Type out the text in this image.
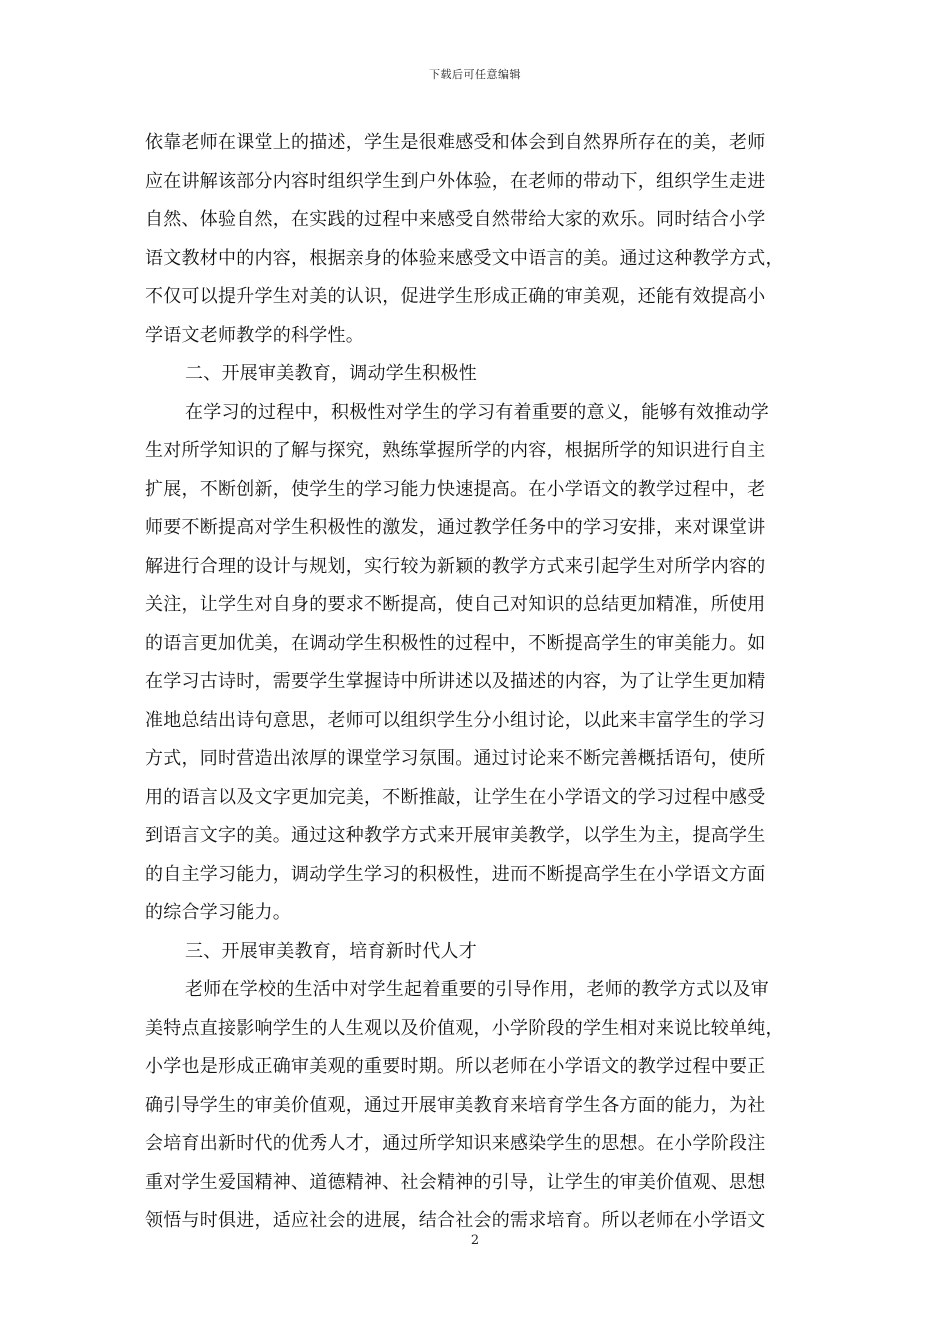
下载后可任意编辑
依靠老师在课堂上的描述，学生是很难感受和体会到自然界所存在的美，老师
应在讲解该部分内容时组织学生到户外体验，在老师的带动下，组织学生走进
自然、体验自然，在实践的过程中来感受自然带给大家的欢乐。同时结合小学
语文教材中的内容，根据亲身的体验来感受文中语言的美。通过这种教学方式，
不仅可以提升学生对美的认识，促进学生形成正确的审美观，还能有效提高小
学语文老师教学的科学性。
二、开展审美教育，调动学生积极性
在学习的过程中，积极性对学生的学习有着重要的意义，能够有效推动学
生对所学知识的了解与探究，熟练掌握所学的内容，根据所学的知识进行自主
扩展，不断创新，使学生的学习能力快速提高。在小学语文的教学过程中，老
师要不断提高对学生积极性的激发，通过教学任务中的学习安排，来对课堂讲
解进行合理的设计与规划，实行较为新颖的教学方式来引起学生对所学内容的
关注，让学生对自身的要求不断提高，使自己对知识的总结更加精准，所使用
的语言更加优美，在调动学生积极性的过程中，不断提高学生的审美能力。如
在学习古诗时，需要学生掌握诗中所讲述以及描述的内容，为了让学生更加精
准地总结出诗句意思，老师可以组织学生分小组讨论，以此来丰富学生的学习
方式，同时营造出浓厚的课堂学习氛围。通过讨论来不断完善概括语句，使所
用的语言以及文字更加完美，不断推敲，让学生在小学语文的学习过程中感受
到语言文字的美。通过这种教学方式来开展审美教学，以学生为主，提高学生
的自主学习能力，调动学生学习的积极性，进而不断提高学生在小学语文方面
的综合学习能力。
三、开展审美教育，培育新时代人才
老师在学校的生活中对学生起着重要的引导作用，老师的教学方式以及审
美特点直接影响学生的人生观以及价值观，小学阶段的学生相对来说比较单纯，
小学也是形成正确审美观的重要时期。所以老师在小学语文的教学过程中要正
确引导学生的审美价值观，通过开展审美教育来培育学生各方面的能力，为社
会培育出新时代的优秀人才，通过所学知识来感染学生的思想。在小学阶段注
重对学生爱国精神、道德精神、社会精神的引导，让学生的审美价值观、思想
领悟与时俱进，适应社会的进展，结合社会的需求培育。所以老师在小学语文
2
